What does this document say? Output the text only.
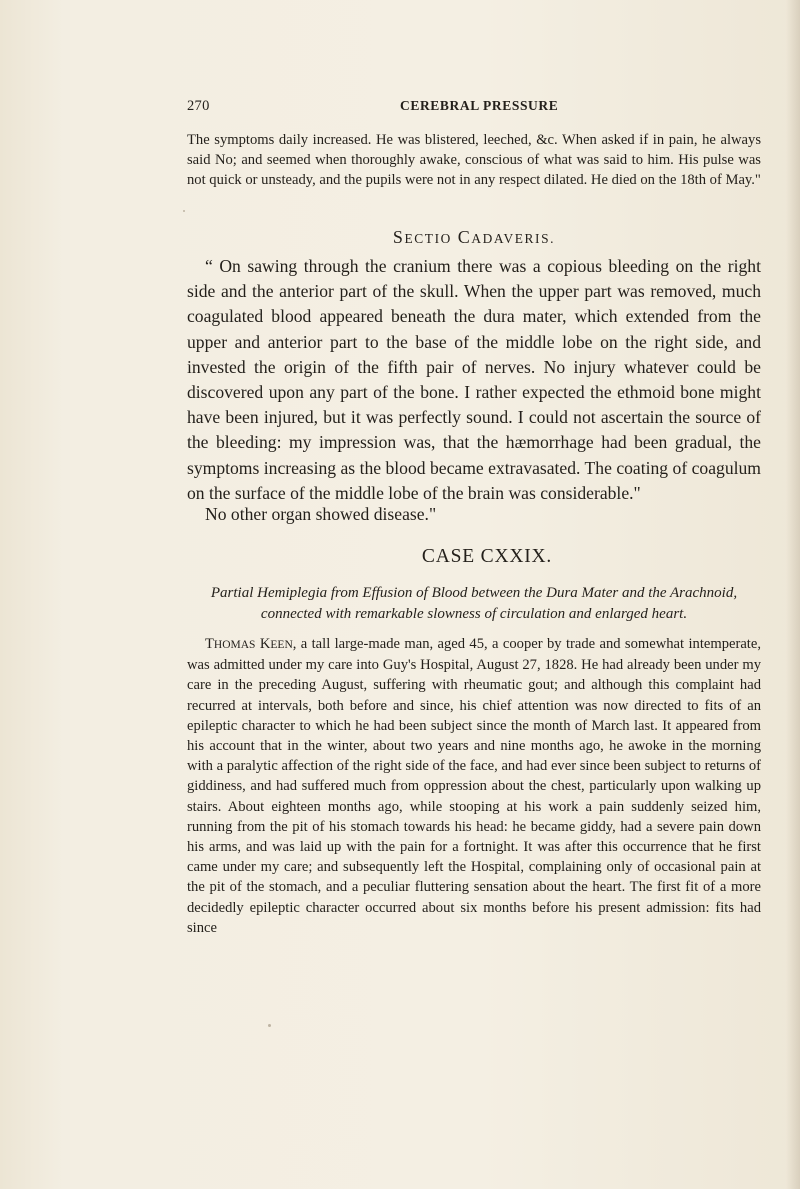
270	CEREBRAL PRESSURE

The symptoms daily increased. He was blistered, leeched, &c. When asked if in pain, he always said No; and seemed when thoroughly awake, conscious of what was said to him. His pulse was not quick or unsteady, and the pupils were not in any respect dilated. He died on the 18th of May."

SECTIO CADAVERIS.

“ On sawing through the cranium there was a copious bleeding on the right side and the anterior part of the skull. When the upper part was removed, much coagulated blood appeared beneath the dura mater, which extended from the upper and anterior part to the base of the middle lobe on the right side, and invested the origin of the fifth pair of nerves. No injury whatever could be discovered upon any part of the bone. I rather expected the ethmoid bone might have been injured, but it was perfectly sound. I could not ascertain the source of the bleeding: my impression was, that the hæmorrhage had been gradual, the symptoms increasing as the blood became extravasated. The coating of coagulum on the surface of the middle lobe of the brain was considerable."

No other organ showed disease."

CASE CXXIX.

Partial Hemiplegia from Effusion of Blood between the Dura Mater and the Arachnoid, connected with remarkable slowness of circulation and enlarged heart.

THOMAS KEEN, a tall large-made man, aged 45, a cooper by trade and somewhat intemperate, was admitted under my care into Guy's Hospital, August 27, 1828. He had already been under my care in the preceding August, suffering with rheumatic gout; and although this complaint had recurred at intervals, both before and since, his chief attention was now directed to fits of an epileptic character to which he had been subject since the month of March last. It appeared from his account that in the winter, about two years and nine months ago, he awoke in the morning with a paralytic affection of the right side of the face, and had ever since been subject to returns of giddiness, and had suffered much from oppression about the chest, particularly upon walking up stairs. About eighteen months ago, while stooping at his work a pain suddenly seized him, running from the pit of his stomach towards his head: he became giddy, had a severe pain down his arms, and was laid up with the pain for a fortnight. It was after this occurrence that he first came under my care; and subsequently left the Hospital, complaining only of occasional pain at the pit of the stomach, and a peculiar fluttering sensation about the heart. The first fit of a more decidedly epileptic character occurred about six months before his present admission: fits had since
